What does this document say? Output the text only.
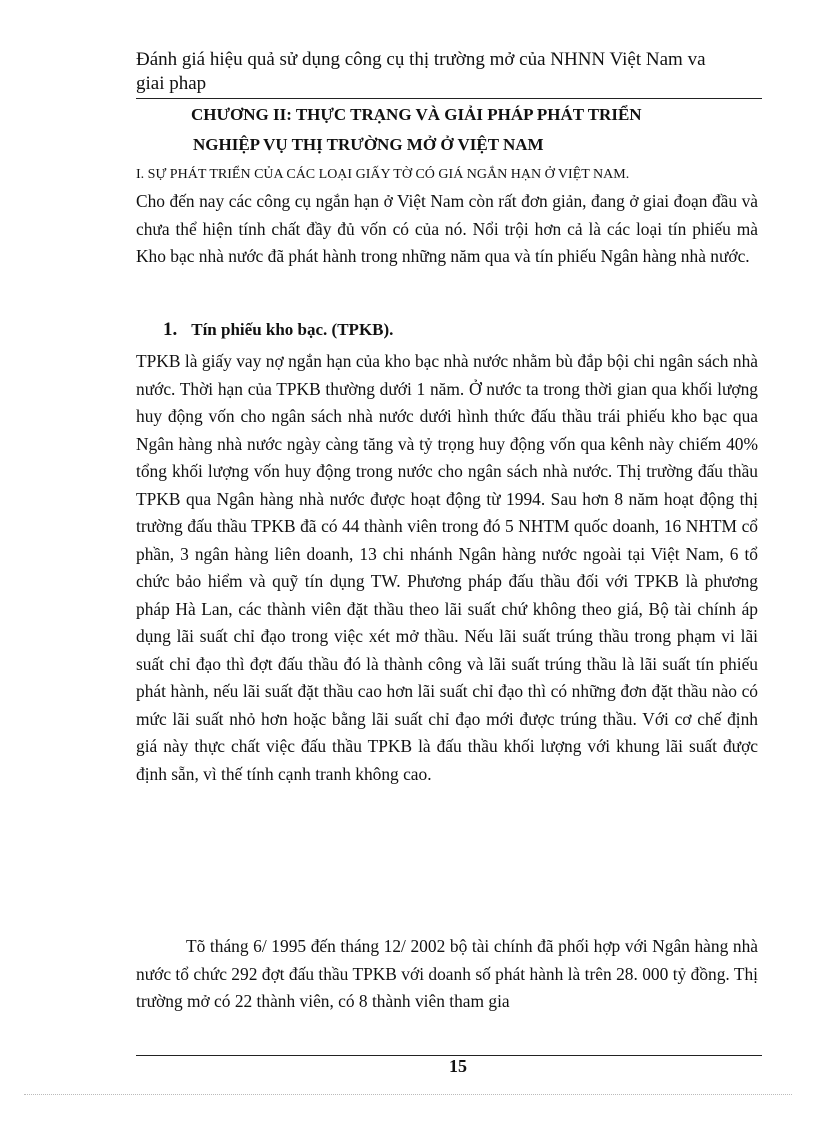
Đánh giá hiệu quả sử dụng công cụ thị trường mở của NHNN Việt Nam va giai phap
CHƯƠNG II: THỰC TRẠNG VÀ GIẢI PHÁP PHÁT TRIỂN
NGHIỆP VỤ THỊ TRƯỜNG MỞ Ở VIỆT NAM
I. SỰ PHÁT TRIỂN CỦA CÁC LOẠI GIẤY TỜ CÓ GIÁ NGẮN HẠN Ở VIỆT NAM.

Cho đến nay các công cụ ngắn hạn ở Việt Nam còn rất đơn giản, đang ở giai đoạn đầu và chưa thể hiện tính chất đầy đủ vốn có của nó. Nổi trội hơn cả là các loại tín phiếu mà Kho bạc nhà nước đã phát hành trong những năm qua và tín phiếu Ngân hàng nhà nước.

1. Tín phiếu kho bạc. (TPKB).

TPKB là giấy vay nợ ngắn hạn của kho bạc nhà nước nhằm bù đắp bội chi ngân sách nhà nước. Thời hạn của TPKB thường dưới 1 năm. Ở nước ta trong thời gian qua khối lượng huy động vốn cho ngân sách nhà nước dưới hình thức đấu thầu trái phiếu kho bạc qua Ngân hàng nhà nước ngày càng tăng và tỷ trọng huy động vốn qua kênh này chiếm 40% tổng khối lượng vốn huy động trong nước cho ngân sách nhà nước. Thị trường đấu thầu TPKB qua Ngân hàng nhà nước được hoạt động từ 1994. Sau hơn 8 năm hoạt động thị trường đấu thầu TPKB đã có 44 thành viên trong đó 5 NHTM quốc doanh, 16 NHTM cổ phần, 3 ngân hàng liên doanh, 13 chi nhánh Ngân hàng nước ngoài tại Việt Nam, 6 tổ chức bảo hiểm và quỹ tín dụng TW. Phương pháp đấu thầu đối với TPKB là phương pháp Hà Lan, các thành viên đặt thầu theo lãi suất chứ không theo giá, Bộ tài chính áp dụng lãi suất chỉ đạo trong việc xét mở thầu. Nếu lãi suất trúng thầu trong phạm vi lãi suất chỉ đạo thì đợt đấu thầu đó là thành công và lãi suất trúng thầu là lãi suất tín phiếu phát hành, nếu lãi suất đặt thầu cao hơn lãi suất chỉ đạo thì có những đơn đặt thầu nào có mức lãi suất nhỏ hơn hoặc bằng lãi suất chỉ đạo mới được trúng thầu. Với cơ chế định giá này thực chất việc đấu thầu TPKB là đấu thầu khối lượng với khung lãi suất được định sẵn, vì thế tính cạnh tranh không cao.

Tõ tháng 6/ 1995 đến tháng 12/ 2002 bộ tài chính đã phối hợp với Ngân hàng nhà nước tổ chức 292 đợt đấu thầu TPKB với doanh số phát hành là trên 28. 000 tỷ đồng. Thị trường mở có 22 thành viên, có 8 thành viên tham gia

15
